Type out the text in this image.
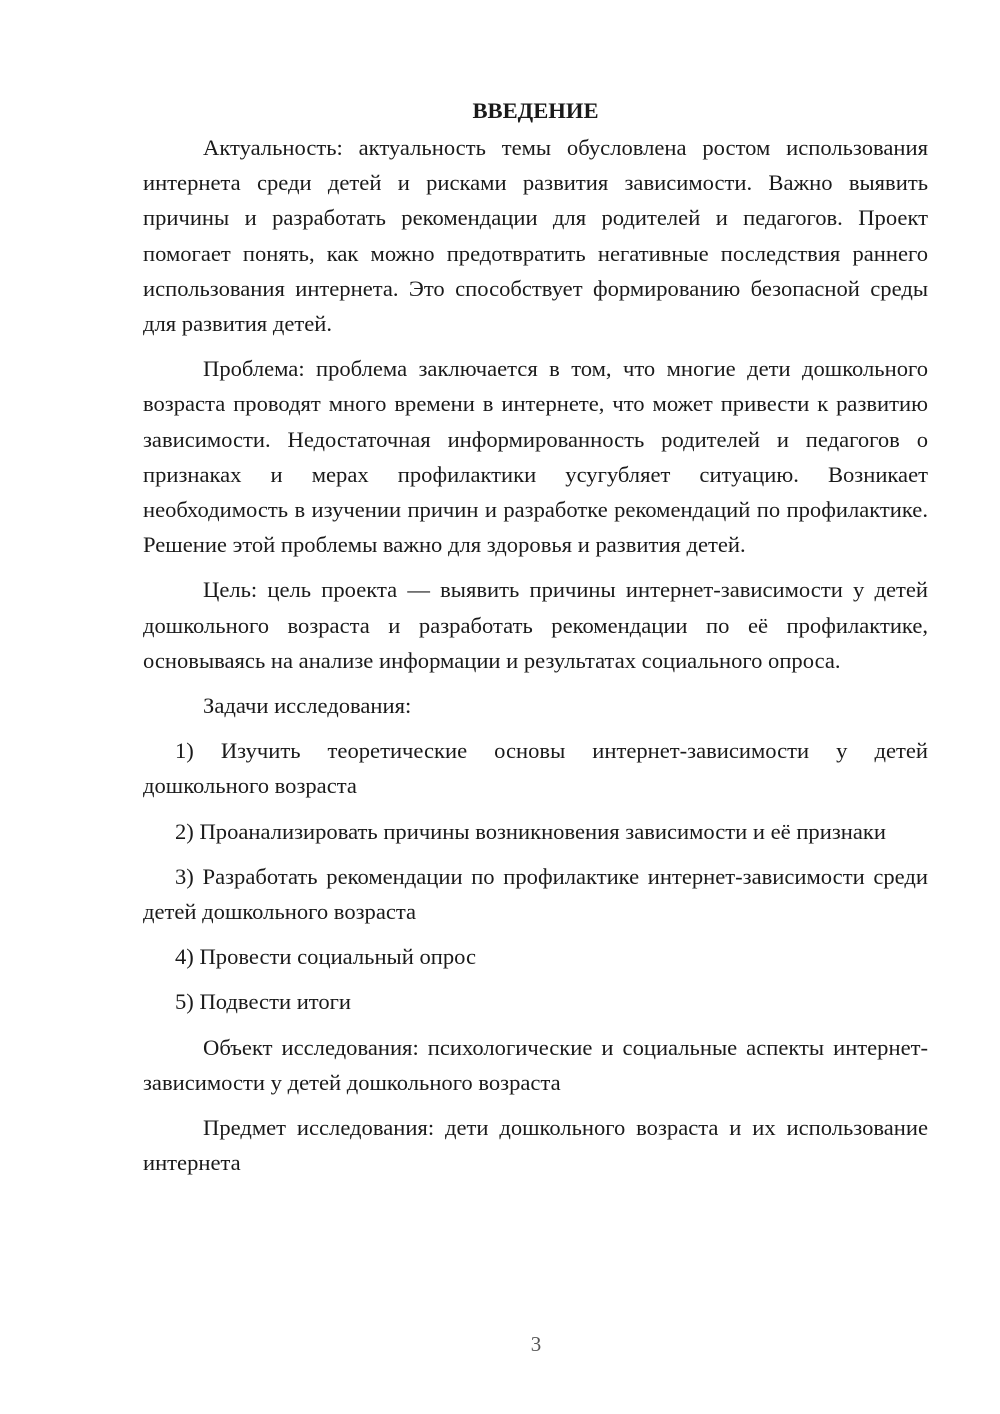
ВВЕДЕНИЕ

Актуальность: актуальность темы обусловлена ростом использования интернета среди детей и рисками развития зависимости. Важно выявить причины и разработать рекомендации для родителей и педагогов. Проект помогает понять, как можно предотвратить негативные последствия раннего использования интернета. Это способствует формированию безопасной среды для развития детей.

Проблема: проблема заключается в том, что многие дети дошкольного возраста проводят много времени в интернете, что может привести к развитию зависимости. Недостаточная информированность родителей и педагогов о признаках и мерах профилактики усугубляет ситуацию. Возникает необходимость в изучении причин и разработке рекомендаций по профилактике. Решение этой проблемы важно для здоровья и развития детей.

Цель: цель проекта — выявить причины интернет-зависимости у детей дошкольного возраста и разработать рекомендации по её профилактике, основываясь на анализе информации и результатах социального опроса.

Задачи исследования:

1) Изучить теоретические основы интернет-зависимости у детей дошкольного возраста

2) Проанализировать причины возникновения зависимости и её признаки

3) Разработать рекомендации по профилактике интернет-зависимости среди детей дошкольного возраста

4) Провести социальный опрос

5) Подвести итоги

Объект исследования: психологические и социальные аспекты интернет-зависимости у детей дошкольного возраста

Предмет исследования: дети дошкольного возраста и их использование интернета

3
